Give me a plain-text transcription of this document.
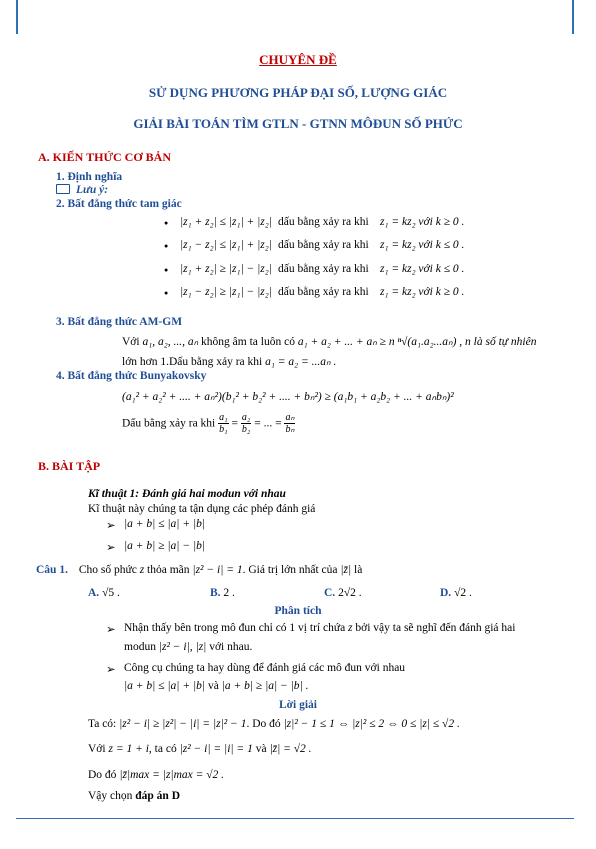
CHUYÊN ĐỀ
SỬ DỤNG PHƯƠNG PHÁP ĐẠI SỐ, LƯỢNG GIÁC
GIẢI BÀI TOÁN TÌM GTLN - GTNN MÔĐUN SỐ PHỨC
A. KIẾN THỨC CƠ BẢN
1. Định nghĩa
Lưu ý:
2. Bất đẳng thức tam giác
● |z₁ + z₂| ≤ |z₁| + |z₂| dấu bằng xảy ra khi z₁ = kz₂ với k ≥ 0 .
● |z₁ − z₂| ≤ |z₁| + |z₂| dấu bằng xảy ra khi z₁ = kz₂ với k ≤ 0 .
● |z₁ + z₂| ≥ |z₁| − |z₂| dấu bằng xảy ra khi z₁ = kz₂ với k ≤ 0 .
● |z₁ − z₂| ≥ |z₁| − |z₂| dấu bằng xảy ra khi z₁ = kz₂ với k ≥ 0 .
3. Bất đẳng thức AM-GM
Với a₁, a₂, ..., aₙ không âm ta luôn có a₁ + a₂ + ... + aₙ ≥ n ⁿ√(a₁.a₂...aₙ) , n là số tự nhiên
lớn hơn 1.Dấu bằng xảy ra khi a₁ = a₂ = ...aₙ .
4. Bất đẳng thức Bunyakovsky
(a₁² + a₂² + .... + aₙ²)(b₁² + b₂² + .... + bₙ²) ≥ (a₁b₁ + a₂b₂ + ... + aₙbₙ)²
Dấu bằng xảy ra khi $\frac{\text{a₁}}{\text{b₁}} = \frac{\text{a₂}}{\text{b₂}}$ = ... = $\frac{\text{aₙ}}{\text{bₙ}}$
B. BÀI TẬP
Kĩ thuật 1: Đánh giá hai modun với nhau
Kĩ thuật này chúng ta tận dụng các phép đánh giá
➢ |a + b| ≤ |a| + |b|
➢ |a + b| ≥ |a| − |b|
Câu 1. Cho số phức z thỏa mãn |z² − i| = 1. Giá trị lớn nhất của |z̄| là
A. √5 .	B. 2 .	C. 2√2 .	D. √2 .
Phân tích
➢ Nhận thấy bên trong mô đun chỉ có 1 vị trí chứa z bởi vậy ta sẽ nghĩ đến đánh giá hai
modun |z² − i|, |z| với nhau.
➢ Công cụ chúng ta hay dùng để đánh giá các mô đun với nhau
|a + b| ≤ |a| + |b| và |a + b| ≥ |a| − |b| .
Lời giải
Ta có: |z² − i| ≥ |z²| − |i| = |z|² − 1. Do đó |z|² − 1 ≤ 1 ⇔ |z|² ≤ 2 ⇔ 0 ≤ |z| ≤ √2 .
Với z = 1 + i, ta có |z² − i| = |i| = 1 và |z̄| = √2 .
Do đó |z̄|max = |z|max = √2 .
Vậy chọn đáp án D
